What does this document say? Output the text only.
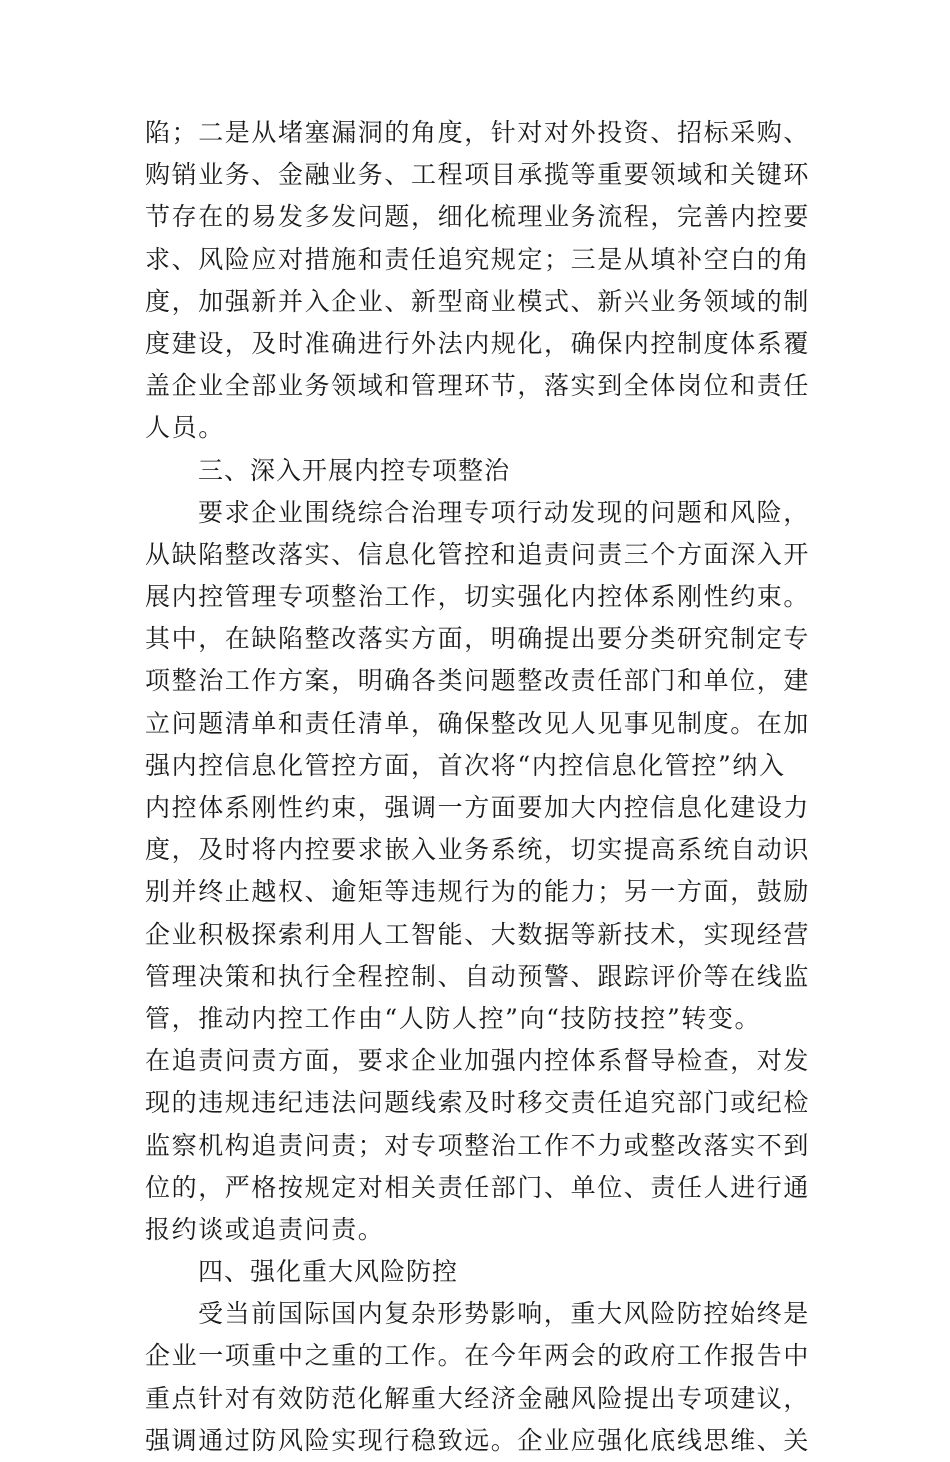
陷；二是从堵塞漏洞的角度，针对对外投资、招标采购、
购销业务、金融业务、工程项目承揽等重要领域和关键环
节存在的易发多发问题，细化梳理业务流程，完善内控要
求、风险应对措施和责任追究规定；三是从填补空白的角
度，加强新并入企业、新型商业模式、新兴业务领域的制
度建设，及时准确进行外法内规化，确保内控制度体系覆
盖企业全部业务领域和管理环节，落实到全体岗位和责任
人员。
三、深入开展内控专项整治
要求企业围绕综合治理专项行动发现的问题和风险，
从缺陷整改落实、信息化管控和追责问责三个方面深入开
展内控管理专项整治工作，切实强化内控体系刚性约束。
其中，在缺陷整改落实方面，明确提出要分类研究制定专
项整治工作方案，明确各类问题整改责任部门和单位，建
立问题清单和责任清单，确保整改见人见事见制度。在加
强内控信息化管控方面，首次将“内控信息化管控”纳入
内控体系刚性约束，强调一方面要加大内控信息化建设力
度，及时将内控要求嵌入业务系统，切实提高系统自动识
别并终止越权、逾矩等违规行为的能力；另一方面，鼓励
企业积极探索利用人工智能、大数据等新技术，实现经营
管理决策和执行全程控制、自动预警、跟踪评价等在线监
管，推动内控工作由“人防人控”向“技防技控”转变。
在追责问责方面，要求企业加强内控体系督导检查，对发
现的违规违纪违法问题线索及时移交责任追究部门或纪检
监察机构追责问责；对专项整治工作不力或整改落实不到
位的，严格按规定对相关责任部门、单位、责任人进行通
报约谈或追责问责。
四、强化重大风险防控
受当前国际国内复杂形势影响，重大风险防控始终是
企业一项重中之重的工作。在今年两会的政府工作报告中
重点针对有效防范化解重大经济金融风险提出专项建议，
强调通过防风险实现行稳致远。企业应强化底线思维、关
